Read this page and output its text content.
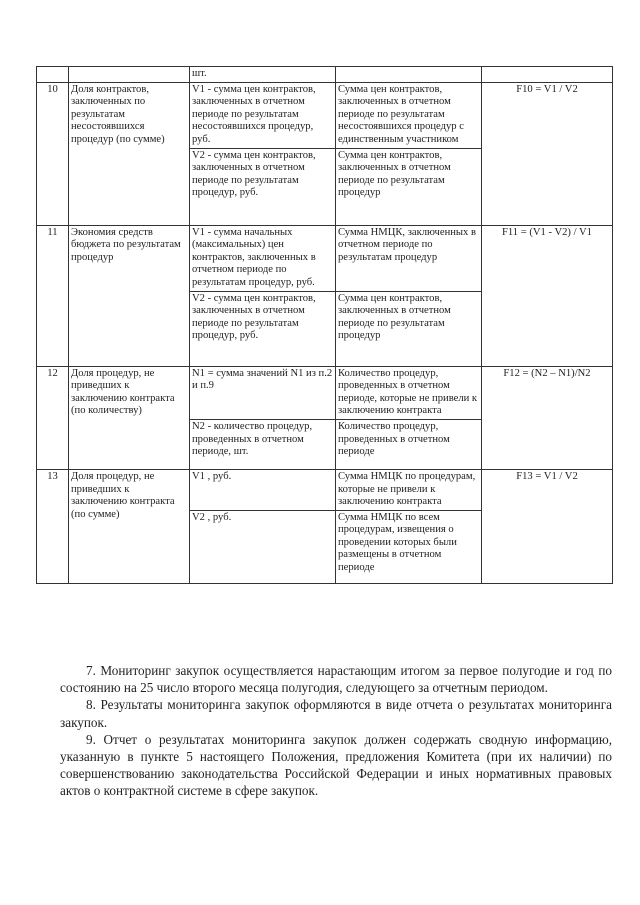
		шт.		
10	Доля контрактов, заключенных по результатам несостоявшихся процедур (по сумме)	V1 - сумма цен контрактов, заключенных в отчетном периоде по результатам несостоявшихся процедур, руб.	Сумма цен контрактов, заключенных в отчетном периоде по результатам несостоявшихся процедур с единственным участником	F10 = V1 / V2
		V2 - сумма цен контрактов, заключенных в отчетном периоде по результатам процедур, руб.	Сумма цен контрактов, заключенных в отчетном периоде по результатам процедур	
11	Экономия средств бюджета по результатам процедур	V1 - сумма начальных (максимальных) цен контрактов, заключенных в отчетном периоде по результатам процедур, руб.	Сумма НМЦК, заключенных в отчетном периоде по результатам процедур	F11 = (V1 - V2) / V1
		V2 - сумма цен контрактов, заключенных в отчетном периоде по результатам процедур, руб.	Сумма цен контрактов, заключенных в отчетном периоде по результатам процедур	
12	Доля процедур, не приведших к заключению контракта (по количеству)	N1 = сумма значений N1 из п.2 и п.9	Количество процедур, проведенных в отчетном периоде, которые не привели к заключению контракта	F12 = (N2 – N1)/N2
		N2 - количество процедур, проведенных в отчетном периоде, шт.	Количество процедур, проведенных в отчетном периоде	
13	Доля процедур, не приведших к заключению контракта (по сумме)	V1 , руб.	Сумма НМЦК по процедурам, которые не привели к заключению контракта	F13 = V1 / V2
		V2 , руб.	Сумма НМЦК по всем процедурам, извещения о проведении которых были размещены в отчетном периоде	

7. Мониторинг закупок осуществляется нарастающим итогом за первое полугодие и год по состоянию на 25 число второго месяца полугодия, следующего за отчетным периодом.

8. Результаты мониторинга закупок оформляются в виде отчета о результатах мониторинга закупок.

9. Отчет о результатах мониторинга закупок должен содержать сводную информацию, указанную в пункте 5 настоящего Положения, предложения Комитета (при их наличии) по совершенствованию законодательства Российской Федерации и иных нормативных правовых актов о контрактной системе в сфере закупок.
